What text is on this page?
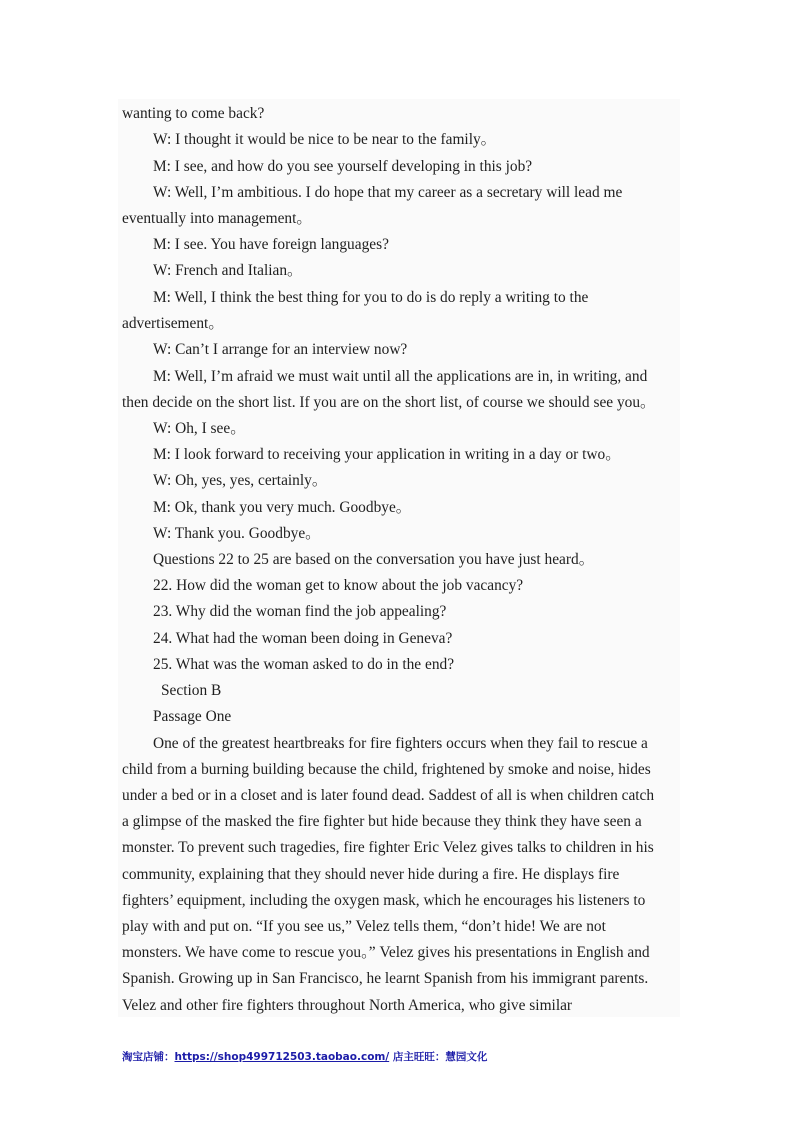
wanting to come back?
W: I thought it would be nice to be near to the family。
M: I see, and how do you see yourself developing in this job?
W: Well, I’m ambitious. I do hope that my career as a secretary will lead me
eventually into management。
M: I see. You have foreign languages?
W: French and Italian。
M: Well, I think the best thing for you to do is do reply a writing to the
advertisement。
W: Can’t I arrange for an interview now?
M: Well, I’m afraid we must wait until all the applications are in, in writing, and
then decide on the short list. If you are on the short list, of course we should see you。
W: Oh, I see。
M: I look forward to receiving your application in writing in a day or two。
W: Oh, yes, yes, certainly。
M: Ok, thank you very much. Goodbye。
W: Thank you. Goodbye。
Questions 22 to 25 are based on the conversation you have just heard。
22. How did the woman get to know about the job vacancy?
23. Why did the woman find the job appealing?
24. What had the woman been doing in Geneva?
25. What was the woman asked to do in the end?
Section B
Passage One
One of the greatest heartbreaks for fire fighters occurs when they fail to rescue a
child from a burning building because the child, frightened by smoke and noise, hides
under a bed or in a closet and is later found dead. Saddest of all is when children catch
a glimpse of the masked the fire fighter but hide because they think they have seen a
monster. To prevent such tragedies, fire fighter Eric Velez gives talks to children in his
community, explaining that they should never hide during a fire. He displays fire
fighters’ equipment, including the oxygen mask, which he encourages his listeners to
play with and put on. “If you see us,” Velez tells them, “don’t hide! We are not
monsters. We have come to rescue you。” Velez gives his presentations in English and
Spanish. Growing up in San Francisco, he learnt Spanish from his immigrant parents.
Velez and other fire fighters throughout North America, who give similar
淘宝店铺：https://shop499712503.taobao.com/ 店主旺旺：慧园文化
